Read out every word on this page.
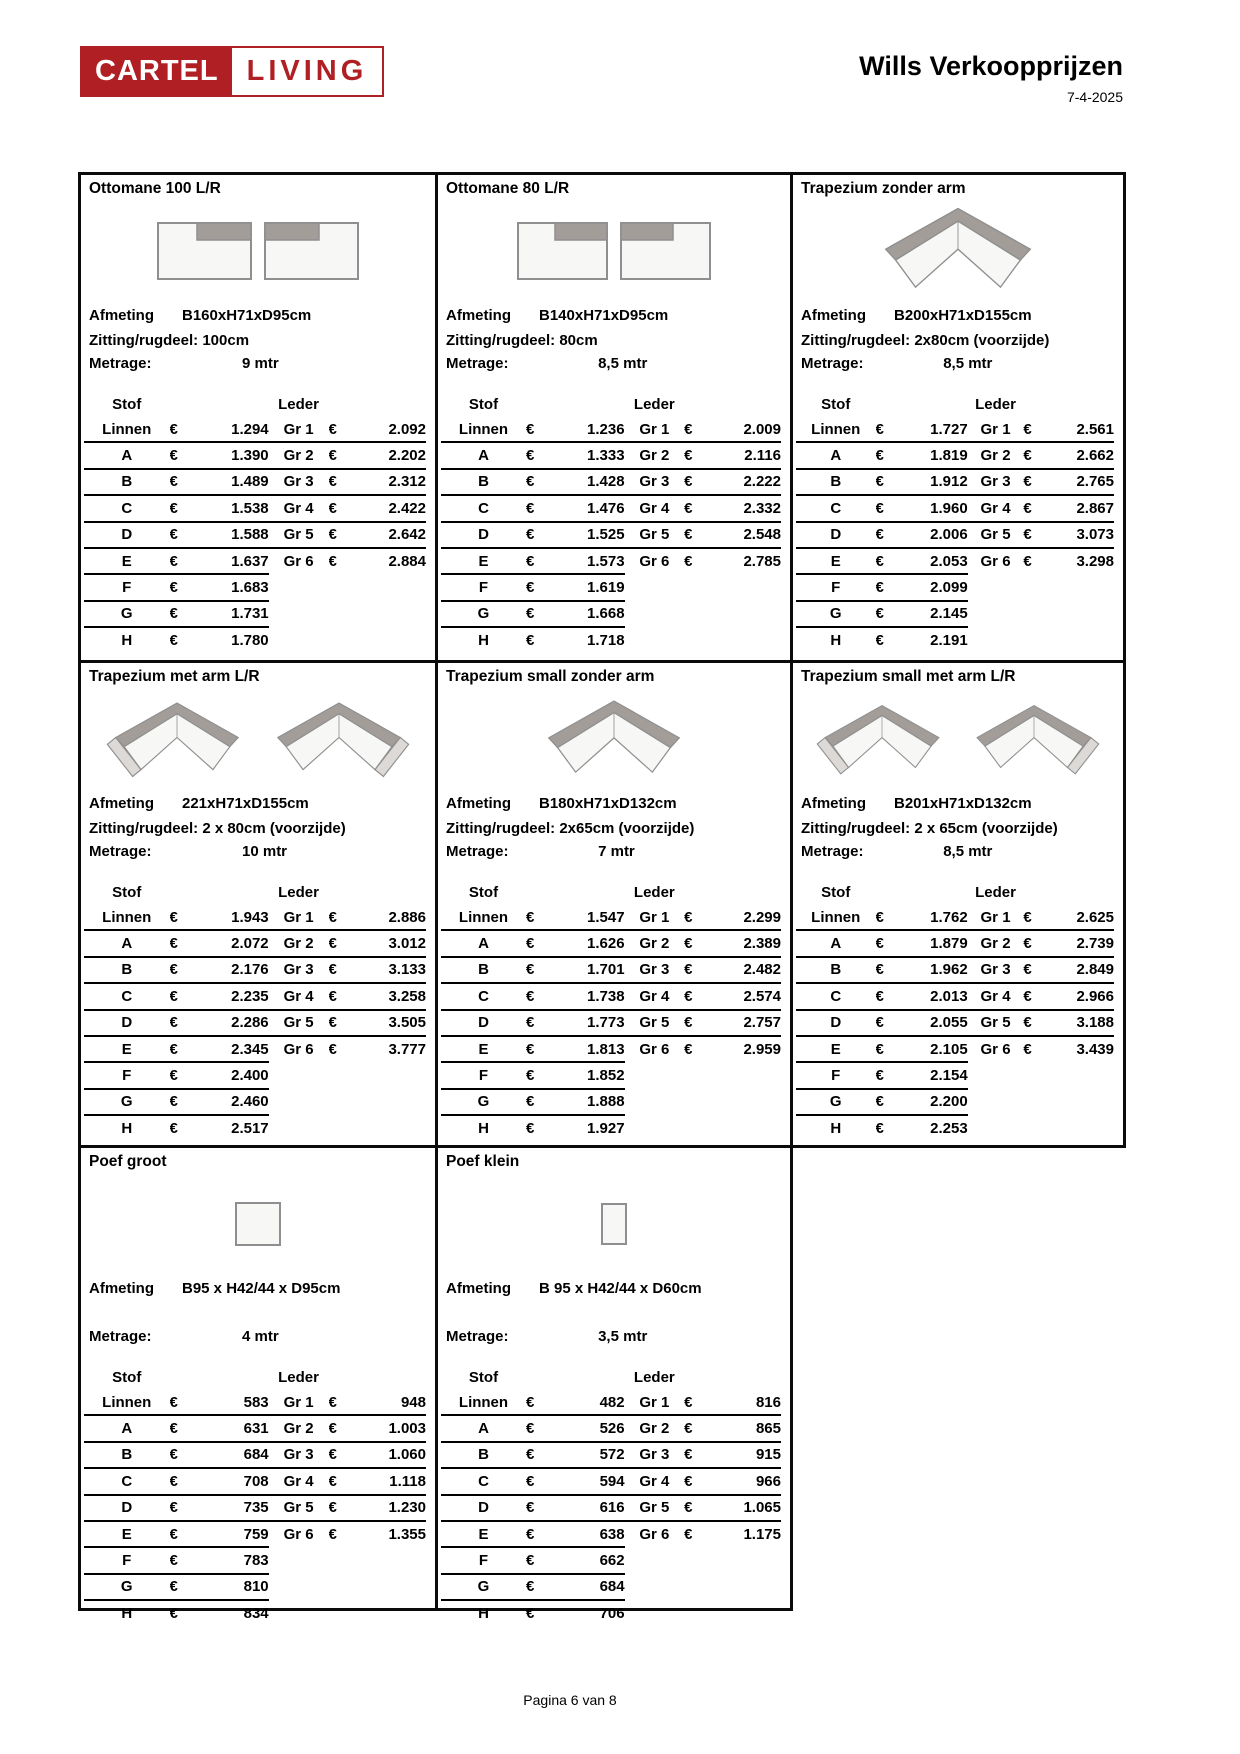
CARTEL LIVING	Wills Verkoopprijzen
7-4-2025
Ottomane 100 L/R
Afmeting B160xH71xD95cm
Zitting/rugdeel: 100cm
Metrage:	9 mtr
Stof			Leder		
Linnen	€	1.294	Gr 1	€	2.092
A	€	1.390	Gr 2	€	2.202
B	€	1.489	Gr 3	€	2.312
C	€	1.538	Gr 4	€	2.422
D	€	1.588	Gr 5	€	2.642
E	€	1.637	Gr 6	€	2.884
F	€	1.683			
G	€	1.731			
H	€	1.780			
Ottomane 80 L/R
Afmeting B140xH71xD95cm
Zitting/rugdeel: 80cm
Metrage:	8,5 mtr
Stof			Leder		
Linnen	€	1.236	Gr 1	€	2.009
A	€	1.333	Gr 2	€	2.116
B	€	1.428	Gr 3	€	2.222
C	€	1.476	Gr 4	€	2.332
D	€	1.525	Gr 5	€	2.548
E	€	1.573	Gr 6	€	2.785
F	€	1.619			
G	€	1.668			
H	€	1.718			
Trapezium zonder arm
Afmeting B200xH71xD155cm
Zitting/rugdeel: 2x80cm (voorzijde)
Metrage:	8,5 mtr
Stof			Leder		
Linnen	€	1.727	Gr 1	€	2.561
A	€	1.819	Gr 2	€	2.662
B	€	1.912	Gr 3	€	2.765
C	€	1.960	Gr 4	€	2.867
D	€	2.006	Gr 5	€	3.073
E	€	2.053	Gr 6	€	3.298
F	€	2.099			
G	€	2.145			
H	€	2.191			
Trapezium met arm L/R
Afmeting 221xH71xD155cm
Zitting/rugdeel: 2 x 80cm (voorzijde)
Metrage:	10 mtr
Stof			Leder		
Linnen	€	1.943	Gr 1	€	2.886
A	€	2.072	Gr 2	€	3.012
B	€	2.176	Gr 3	€	3.133
C	€	2.235	Gr 4	€	3.258
D	€	2.286	Gr 5	€	3.505
E	€	2.345	Gr 6	€	3.777
F	€	2.400			
G	€	2.460			
H	€	2.517			
Trapezium small zonder arm
Afmeting B180xH71xD132cm
Zitting/rugdeel: 2x65cm (voorzijde)
Metrage:	7 mtr
Stof			Leder		
Linnen	€	1.547	Gr 1	€	2.299
A	€	1.626	Gr 2	€	2.389
B	€	1.701	Gr 3	€	2.482
C	€	1.738	Gr 4	€	2.574
D	€	1.773	Gr 5	€	2.757
E	€	1.813	Gr 6	€	2.959
F	€	1.852			
G	€	1.888			
H	€	1.927			
Trapezium small met arm L/R
Afmeting B201xH71xD132cm
Zitting/rugdeel: 2 x 65cm (voorzijde)
Metrage:	8,5 mtr
Stof			Leder		
Linnen	€	1.762	Gr 1	€	2.625
A	€	1.879	Gr 2	€	2.739
B	€	1.962	Gr 3	€	2.849
C	€	2.013	Gr 4	€	2.966
D	€	2.055	Gr 5	€	3.188
E	€	2.105	Gr 6	€	3.439
F	€	2.154			
G	€	2.200			
H	€	2.253			
Poef groot
Afmeting B95 x H42/44 x D95cm
Metrage:	4 mtr
Stof			Leder		
Linnen	€	583	Gr 1	€	948
A	€	631	Gr 2	€	1.003
B	€	684	Gr 3	€	1.060
C	€	708	Gr 4	€	1.118
D	€	735	Gr 5	€	1.230
E	€	759	Gr 6	€	1.355
F	€	783			
G	€	810			
H	€	834			
Poef klein
Afmeting B 95 x H42/44 x D60cm
Metrage:	3,5 mtr
Stof			Leder		
Linnen	€	482	Gr 1	€	816
A	€	526	Gr 2	€	865
B	€	572	Gr 3	€	915
C	€	594	Gr 4	€	966
D	€	616	Gr 5	€	1.065
E	€	638	Gr 6	€	1.175
F	€	662			
G	€	684			
H	€	706			
Pagina 6 van 8
